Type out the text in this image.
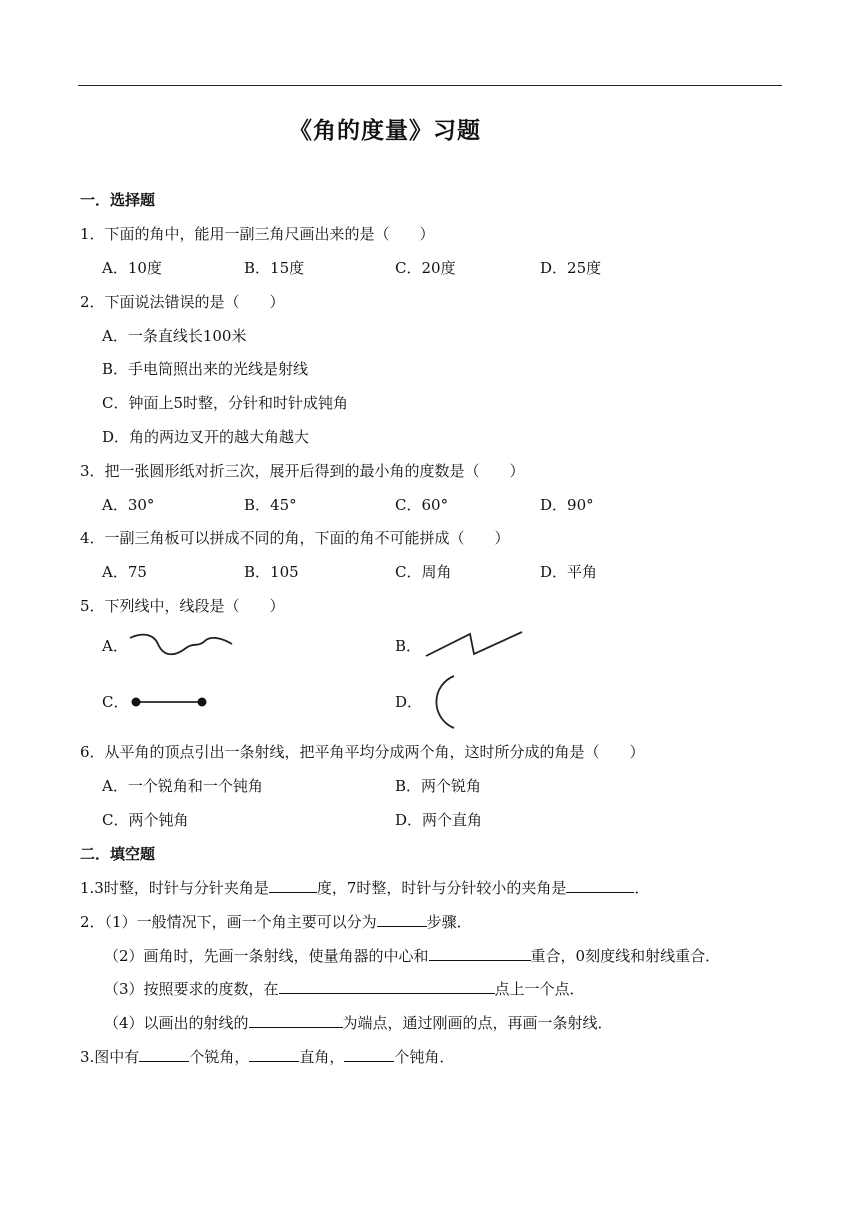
《角的度量》习题
一．选择题
1．下面的角中，能用一副三角尺画出来的是（　　）
A．10度	B．15度	C．20度	D．25度
2．下面说法错误的是（　　）
A．一条直线长100米
B．手电筒照出来的光线是射线
C．钟面上5时整，分针和时针成钝角
D．角的两边叉开的越大角越大
3．把一张圆形纸对折三次，展开后得到的最小角的度数是（　　）
A．30°	B．45°	C．60°	D．90°
4．一副三角板可以拼成不同的角，下面的角不可能拼成（　　）
A．75	B．105	C．周角	D．平角
5．下列线中，线段是（　　）
A．	B．
C．	D．
6．从平角的顶点引出一条射线，把平角平均分成两个角，这时所分成的角是（　　）
A．一个锐角和一个钝角	B．两个锐角
C．两个钝角	D．两个直角
二．填空题
1.3时整，时针与分针夹角是	度，7时整，时针与分针较小的夹角是	．
2．（1）一般情况下，画一个角主要可以分为	步骤．
（2）画角时，先画一条射线，使量角器的中心和	重合，0刻度线和射线重合．
（3）按照要求的度数，在	点上一个点．
（4）以画出的射线的	为端点，通过刚画的点，再画一条射线．
3.图中有	个锐角，	直角，	个钝角．
